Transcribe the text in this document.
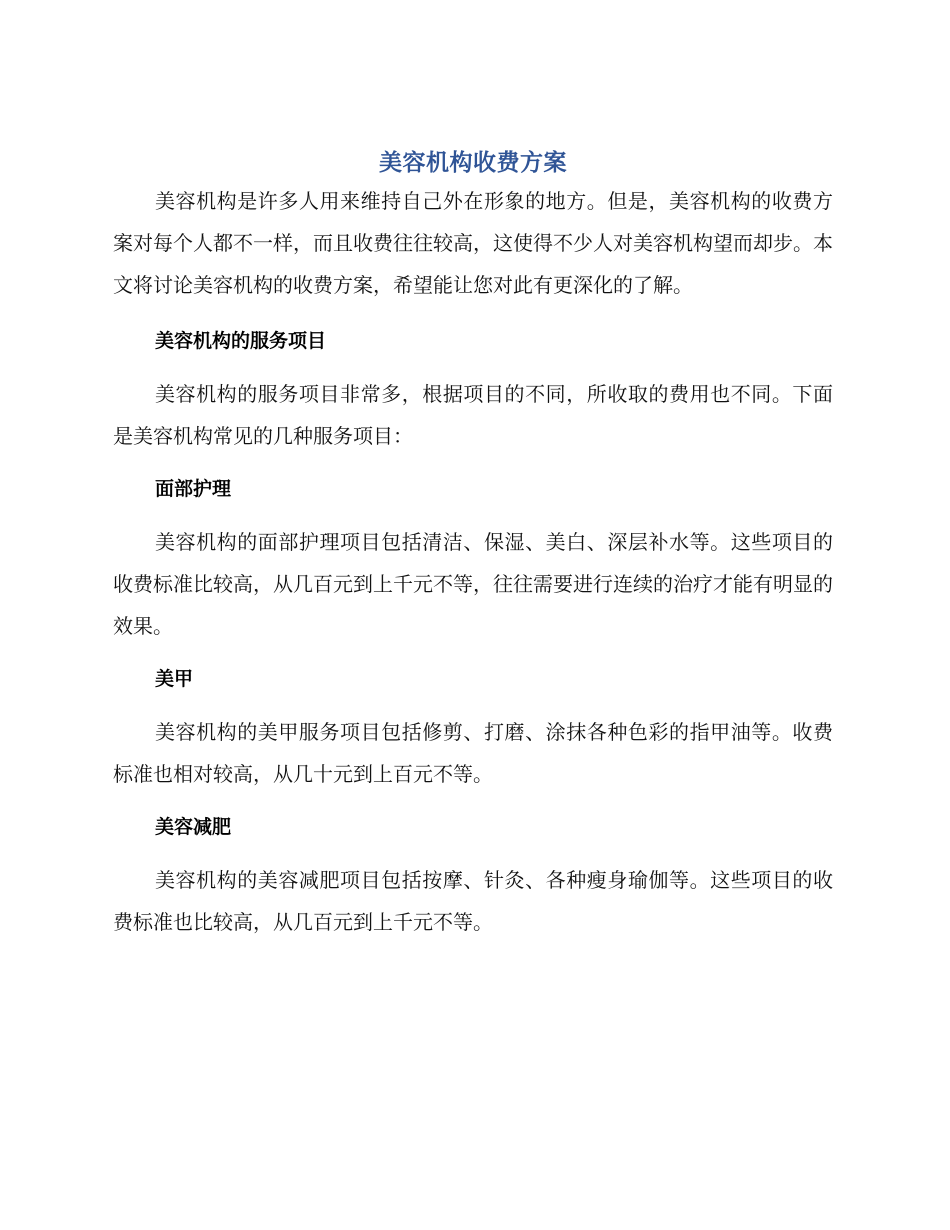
美容机构收费方案

美容机构是许多人用来维持自己外在形象的地方。但是，美容机构的收费方案对每个人都不一样，而且收费往往较高，这使得不少人对美容机构望而却步。本文将讨论美容机构的收费方案，希望能让您对此有更深化的了解。

美容机构的服务项目

美容机构的服务项目非常多，根据项目的不同，所收取的费用也不同。下面是美容机构常见的几种服务项目：

面部护理

美容机构的面部护理项目包括清洁、保湿、美白、深层补水等。这些项目的收费标准比较高，从几百元到上千元不等，往往需要进行连续的治疗才能有明显的效果。

美甲

美容机构的美甲服务项目包括修剪、打磨、涂抹各种色彩的指甲油等。收费标准也相对较高，从几十元到上百元不等。

美容减肥

美容机构的美容减肥项目包括按摩、针灸、各种瘦身瑜伽等。这些项目的收费标准也比较高，从几百元到上千元不等。
